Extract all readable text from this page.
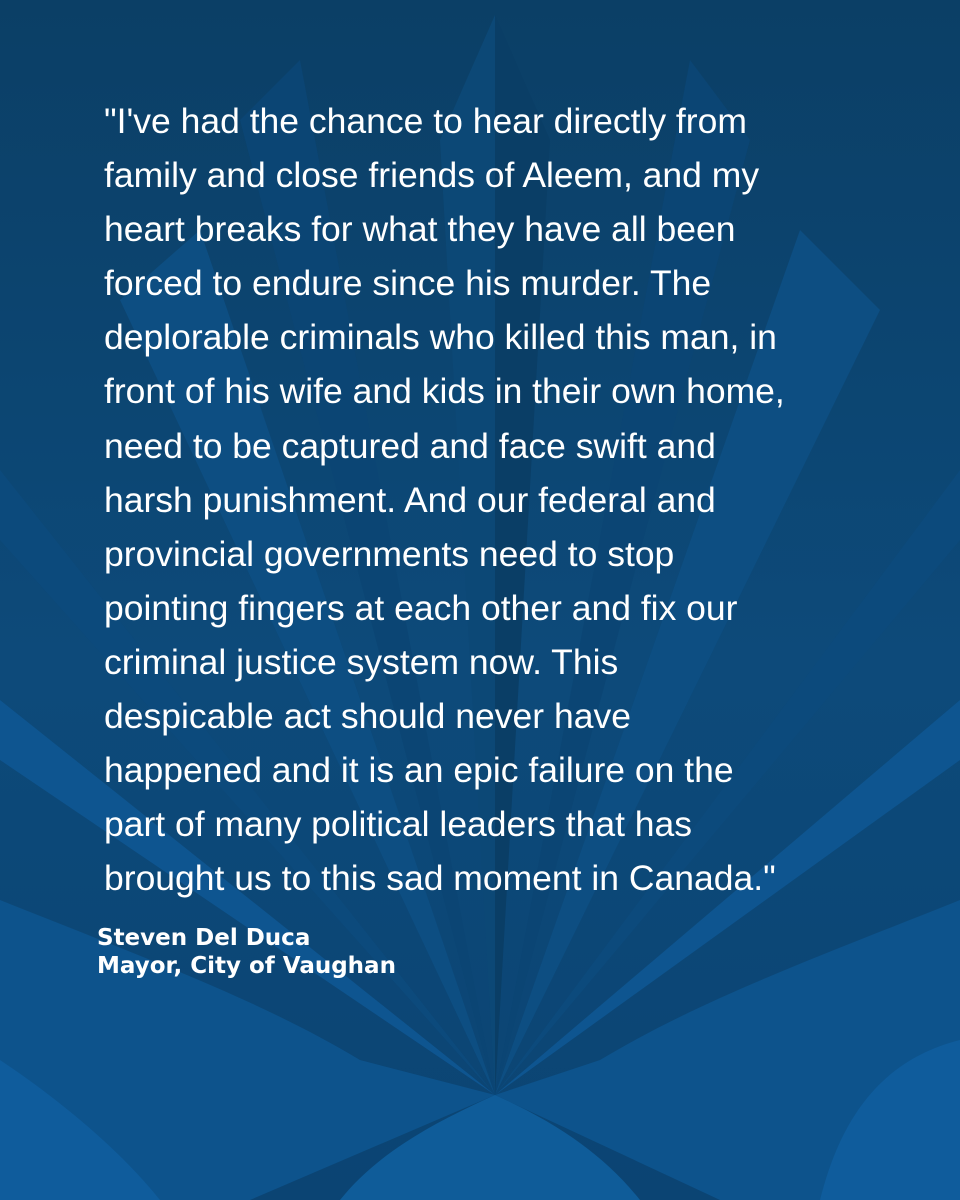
"I've had the chance to hear directly from
family and close friends of Aleem, and my
heart breaks for what they have all been
forced to endure since his murder. The
deplorable criminals who killed this man, in
front of his wife and kids in their own home,
need to be captured and face swift and
harsh punishment. And our federal and
provincial governments need to stop
pointing fingers at each other and fix our
criminal justice system now. This
despicable act should never have
happened and it is an epic failure on the
part of many political leaders that has
brought us to this sad moment in Canada."

Steven Del Duca
Mayor, City of Vaughan
